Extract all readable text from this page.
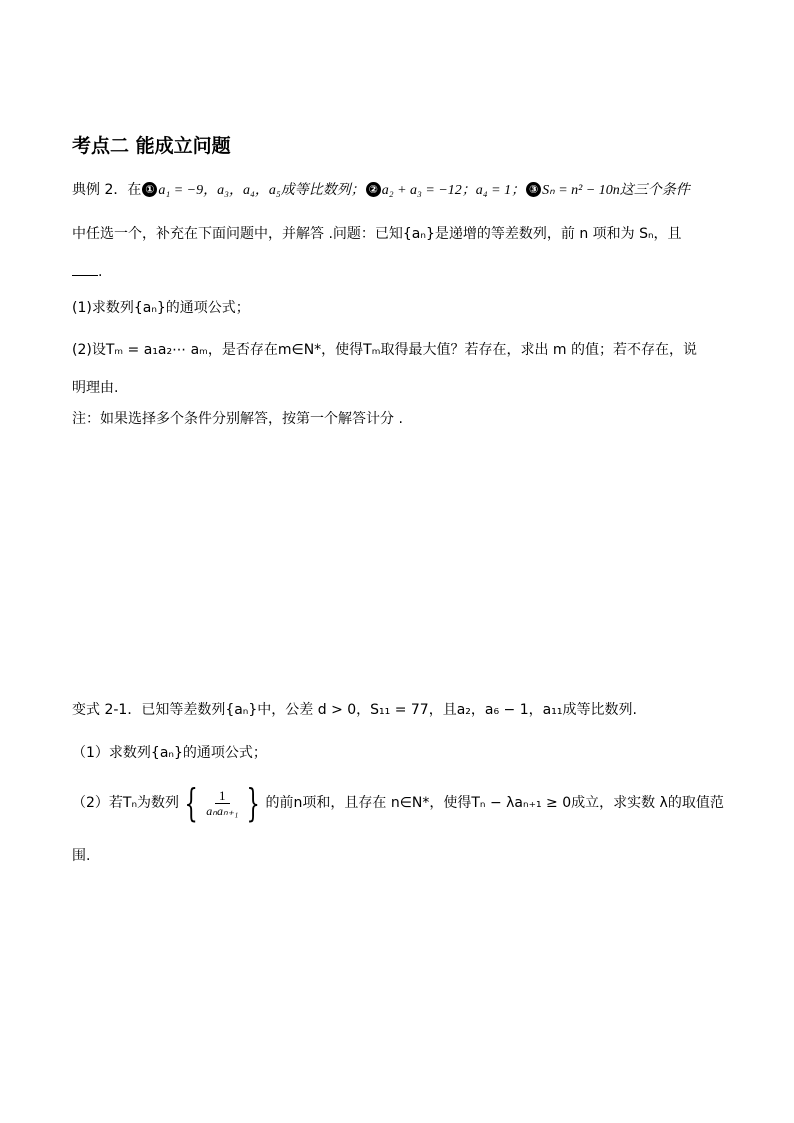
考点二 能成立问题
典例 2．在 ① a₁ = −9，a₃，a₄，a₅成等比数列； ② a₂ + a₃ = −12；a₄ = 1； ③ Sₙ = n² − 10n这三个条件
中任选一个，补充在下面问题中，并解答 .问题：已知{aₙ}是递增的等差数列，前 n 项和为 Sₙ，且
.
(1)求数列{aₙ}的通项公式；
(2)设Tₘ = a₁a₂⋯ aₘ，是否存在m∈N*，使得Tₘ取得最大值？若存在，求出 m 的值；若不存在，说
明理由.
注：如果选择多个条件分别解答，按第一个解答计分 .
变式 2-1．已知等差数列{aₙ}中，公差 d > 0，S₁₁ = 77，且a₂，a₆ − 1，a₁₁成等比数列.
（1）求数列{aₙ}的通项公式；
（2）若Tₙ为数列 { $\frac{1}{\text{aₙaₙ₊₁}}$ } 的前n项和，且存在 n∈N*，使得Tₙ − λaₙ₊₁ ≥ 0成立，求实数 λ的取值范
围.
